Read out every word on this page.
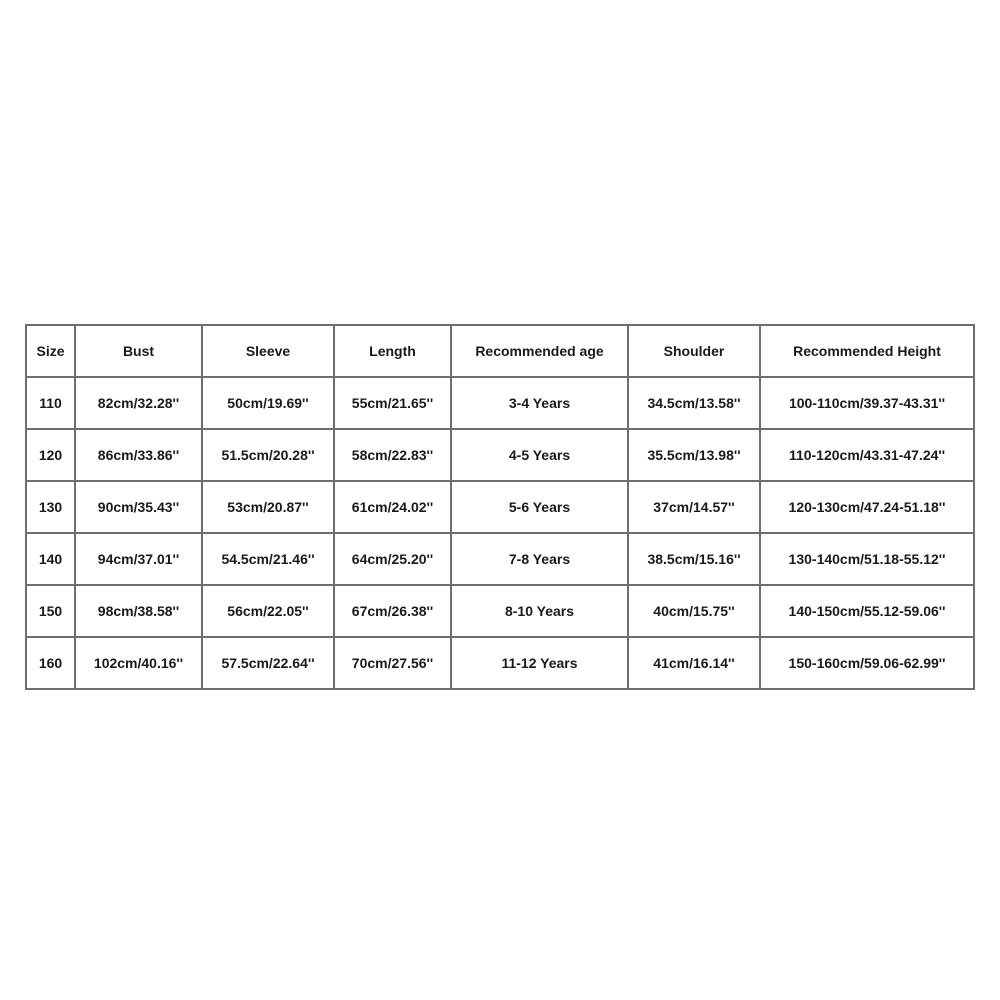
Size	Bust	Sleeve	Length	Recommended age	Shoulder	Recommended Height
110	82cm/32.28''	50cm/19.69''	55cm/21.65''	3-4 Years	34.5cm/13.58''	100-110cm/39.37-43.31''
120	86cm/33.86''	51.5cm/20.28''	58cm/22.83''	4-5 Years	35.5cm/13.98''	110-120cm/43.31-47.24''
130	90cm/35.43''	53cm/20.87''	61cm/24.02''	5-6 Years	37cm/14.57''	120-130cm/47.24-51.18''
140	94cm/37.01''	54.5cm/21.46''	64cm/25.20''	7-8 Years	38.5cm/15.16''	130-140cm/51.18-55.12''
150	98cm/38.58''	56cm/22.05''	67cm/26.38''	8-10 Years	40cm/15.75''	140-150cm/55.12-59.06''
160	102cm/40.16''	57.5cm/22.64''	70cm/27.56''	11-12 Years	41cm/16.14''	150-160cm/59.06-62.99''
